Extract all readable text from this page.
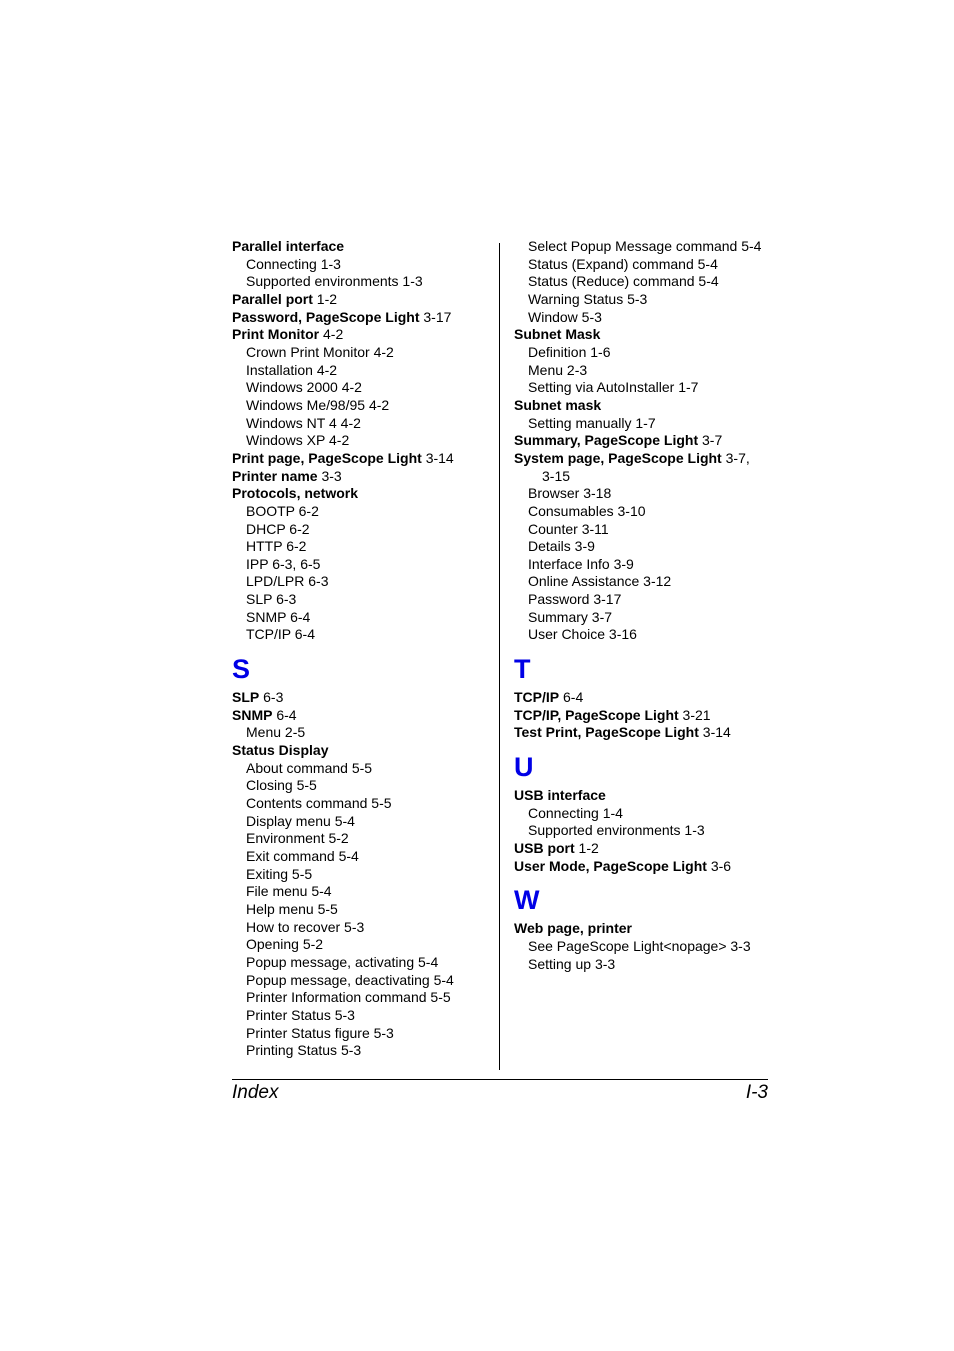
Parallel interface
Connecting 1-3
Supported environments 1-3
Parallel port 1-2
Password, PageScope Light 3-17
Print Monitor 4-2
Crown Print Monitor 4-2
Installation 4-2
Windows 2000 4-2
Windows Me/98/95 4-2
Windows NT 4 4-2
Windows XP 4-2
Print page, PageScope Light 3-14
Printer name 3-3
Protocols, network
BOOTP 6-2
DHCP 6-2
HTTP 6-2
IPP 6-3, 6-5
LPD/LPR 6-3
SLP 6-3
SNMP 6-4
TCP/IP 6-4
S
SLP 6-3
SNMP 6-4
Menu 2-5
Status Display
About command 5-5
Closing 5-5
Contents command 5-5
Display menu 5-4
Environment 5-2
Exit command 5-4
Exiting 5-5
File menu 5-4
Help menu 5-5
How to recover 5-3
Opening 5-2
Popup message, activating 5-4
Popup message, deactivating 5-4
Printer Information command 5-5
Printer Status 5-3
Printer Status figure 5-3
Printing Status 5-3
Select Popup Message command 5-4
Status (Expand) command 5-4
Status (Reduce) command 5-4
Warning Status 5-3
Window 5-3
Subnet Mask
Definition 1-6
Menu 2-3
Setting via AutoInstaller 1-7
Subnet mask
Setting manually 1-7
Summary, PageScope Light 3-7
System page, PageScope Light 3-7,
3-15
Browser 3-18
Consumables 3-10
Counter 3-11
Details 3-9
Interface Info 3-9
Online Assistance 3-12
Password 3-17
Summary 3-7
User Choice 3-16
T
TCP/IP 6-4
TCP/IP, PageScope Light 3-21
Test Print, PageScope Light 3-14
U
USB interface
Connecting 1-4
Supported environments 1-3
USB port 1-2
User Mode, PageScope Light 3-6
W
Web page, printer
See PageScope Light<nopage> 3-3
Setting up 3-3
Index	I-3
